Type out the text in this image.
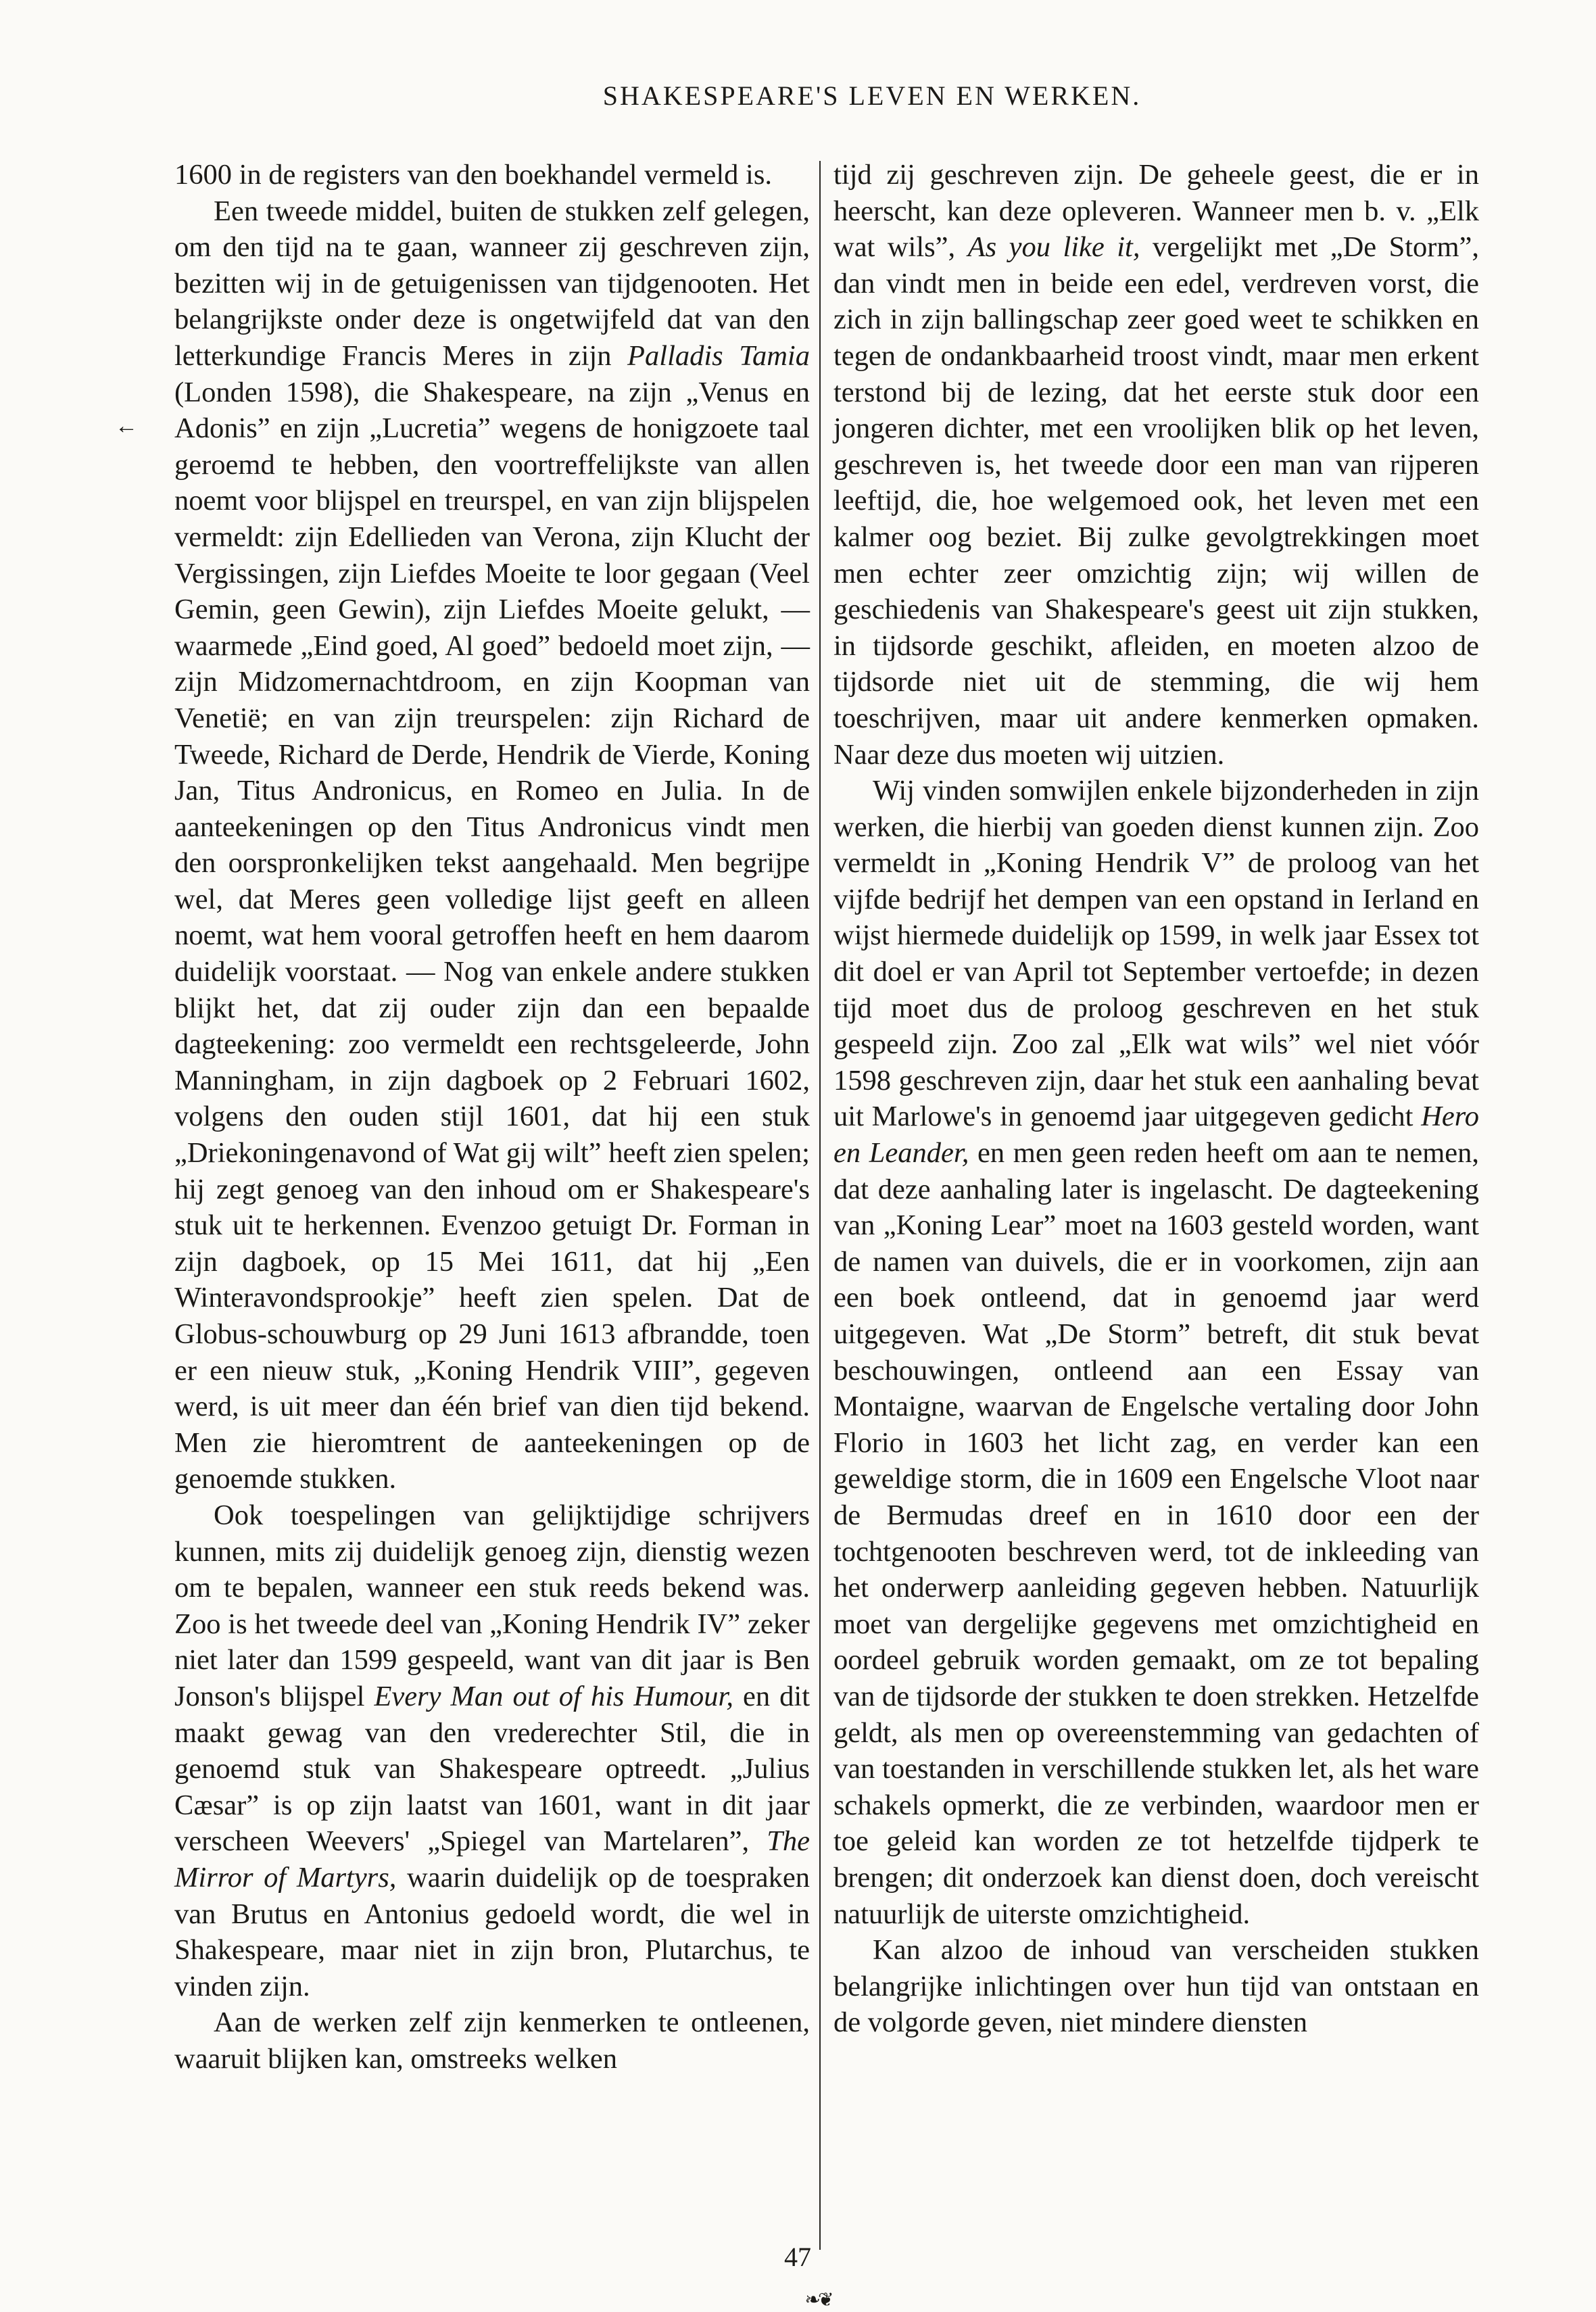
SHAKESPEARE'S LEVEN EN WERKEN.
←

1600 in de registers van den boekhandel vermeld is.

Een tweede middel, buiten de stukken zelf gelegen, om den tijd na te gaan, wanneer zij geschreven zijn, bezitten wij in de getuigenissen van tijdgenooten. Het belangrijkste onder deze is ongetwijfeld dat van den letterkundige Francis Meres in zijn Palladis Tamia (Londen 1598), die Shakespeare, na zijn „Venus en Adonis” en zijn „Lucretia” wegens de honigzoete taal geroemd te hebben, den voortreffelijkste van allen noemt voor blijspel en treurspel, en van zijn blijspelen vermeldt: zijn Edellieden van Verona, zijn Klucht der Vergissingen, zijn Liefdes Moeite te loor gegaan (Veel Gemin, geen Gewin), zijn Liefdes Moeite gelukt, — waarmede „Eind goed, Al goed” bedoeld moet zijn, — zijn Midzomernachtdroom, en zijn Koopman van Venetië; en van zijn treurspelen: zijn Richard de Tweede, Richard de Derde, Hendrik de Vierde, Koning Jan, Titus Andronicus, en Romeo en Julia. In de aanteekeningen op den Titus Andronicus vindt men den oorspronkelijken tekst aangehaald. Men begrijpe wel, dat Meres geen volledige lijst geeft en alleen noemt, wat hem vooral getroffen heeft en hem daarom duidelijk voorstaat. — Nog van enkele andere stukken blijkt het, dat zij ouder zijn dan een bepaalde dagteekening: zoo vermeldt een rechtsgeleerde, John Manningham, in zijn dagboek op 2 Februari 1602, volgens den ouden stijl 1601, dat hij een stuk „Driekoningenavond of Wat gij wilt” heeft zien spelen; hij zegt genoeg van den inhoud om er Shakespeare's stuk uit te herkennen. Evenzoo getuigt Dr. Forman in zijn dagboek, op 15 Mei 1611, dat hij „Een Winteravondsprookje” heeft zien spelen. Dat de Globus-schouwburg op 29 Juni 1613 afbrandde, toen er een nieuw stuk, „Koning Hendrik VIII”, gegeven werd, is uit meer dan één brief van dien tijd bekend. Men zie hieromtrent de aanteekeningen op de genoemde stukken.

Ook toespelingen van gelijktijdige schrijvers kunnen, mits zij duidelijk genoeg zijn, dienstig wezen om te bepalen, wanneer een stuk reeds bekend was. Zoo is het tweede deel van „Koning Hendrik IV” zeker niet later dan 1599 gespeeld, want van dit jaar is Ben Jonson's blijspel Every Man out of his Humour, en dit maakt gewag van den vrederechter Stil, die in genoemd stuk van Shakespeare optreedt. „Julius Cæsar” is op zijn laatst van 1601, want in dit jaar verscheen Weevers' „Spiegel van Martelaren”, The Mirror of Martyrs, waarin duidelijk op de toespraken van Brutus en Antonius gedoeld wordt, die wel in Shakespeare, maar niet in zijn bron, Plutarchus, te vinden zijn.

Aan de werken zelf zijn kenmerken te ontleenen, waaruit blijken kan, omstreeks welken

tijd zij geschreven zijn. De geheele geest, die er in heerscht, kan deze opleveren. Wanneer men b. v. „Elk wat wils”, As you like it, vergelijkt met „De Storm”, dan vindt men in beide een edel, verdreven vorst, die zich in zijn ballingschap zeer goed weet te schikken en tegen de ondankbaarheid troost vindt, maar men erkent terstond bij de lezing, dat het eerste stuk door een jongeren dichter, met een vroolijken blik op het leven, geschreven is, het tweede door een man van rijperen leeftijd, die, hoe welgemoed ook, het leven met een kalmer oog beziet. Bij zulke gevolgtrekkingen moet men echter zeer omzichtig zijn; wij willen de geschiedenis van Shakespeare's geest uit zijn stukken, in tijdsorde geschikt, afleiden, en moeten alzoo de tijdsorde niet uit de stemming, die wij hem toeschrijven, maar uit andere kenmerken opmaken. Naar deze dus moeten wij uitzien.

Wij vinden somwijlen enkele bijzonderheden in zijn werken, die hierbij van goeden dienst kunnen zijn. Zoo vermeldt in „Koning Hendrik V” de proloog van het vijfde bedrijf het dempen van een opstand in Ierland en wijst hiermede duidelijk op 1599, in welk jaar Essex tot dit doel er van April tot September vertoefde; in dezen tijd moet dus de proloog geschreven en het stuk gespeeld zijn. Zoo zal „Elk wat wils” wel niet vóór 1598 geschreven zijn, daar het stuk een aanhaling bevat uit Marlowe's in genoemd jaar uitgegeven gedicht Hero en Leander, en men geen reden heeft om aan te nemen, dat deze aanhaling later is ingelascht. De dagteekening van „Koning Lear” moet na 1603 gesteld worden, want de namen van duivels, die er in voorkomen, zijn aan een boek ontleend, dat in genoemd jaar werd uitgegeven. Wat „De Storm” betreft, dit stuk bevat beschouwingen, ontleend aan een Essay van Montaigne, waarvan de Engelsche vertaling door John Florio in 1603 het licht zag, en verder kan een geweldige storm, die in 1609 een Engelsche Vloot naar de Bermudas dreef en in 1610 door een der tochtgenooten beschreven werd, tot de inkleeding van het onderwerp aanleiding gegeven hebben. Natuurlijk moet van dergelijke gegevens met omzichtigheid en oordeel gebruik worden gemaakt, om ze tot bepaling van de tijdsorde der stukken te doen strekken. Hetzelfde geldt, als men op overeenstemming van gedachten of van toestanden in verschillende stukken let, als het ware schakels opmerkt, die ze verbinden, waardoor men er toe geleid kan worden ze tot hetzelfde tijdperk te brengen; dit onderzoek kan dienst doen, doch vereischt natuurlijk de uiterste omzichtigheid.

Kan alzoo de inhoud van verscheiden stukken belangrijke inlichtingen over hun tijd van ontstaan en de volgorde geven, niet mindere diensten

47
❧❦
